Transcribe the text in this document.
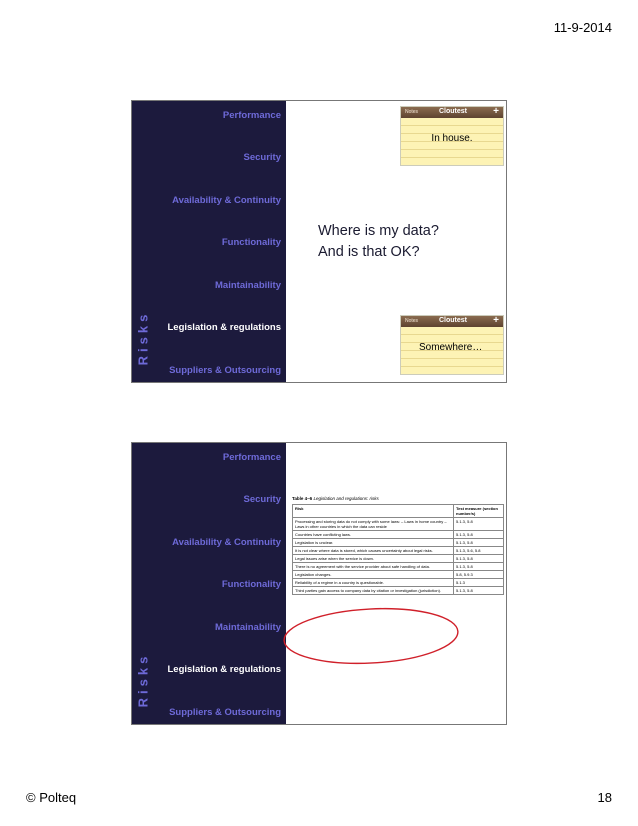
11-9-2014
Performance
Security
Availability & Continuity
Functionality
Maintainability
Legislation & regulations
Suppliers & Outsourcing
Risks
Notes	Cloutest	+
In house.
Where is my data?
And is that OK?
Notes	Cloutest	+
Somewhere…
Performance
Security
Availability & Continuity
Functionality
Maintainability
Legislation & regulations
Suppliers & Outsourcing
Risks
Table 4–6 Legislation and regulations: risks
Risk	Test measure (section number/s)
Processing and storing data do not comply with some laws: – Laws in home country – Laws in other countries in which the data can reside	5.1.3, 5.8
Countries have conflicting laws.	5.1.3, 5.8
Legislation is unclear.	5.1.3, 5.8
It is not clear where data is stored, which causes uncertainty about legal risks.	5.1.3, 5.6, 5.8
Legal issues arise when the service is down.	5.1.3, 5.8
There is no agreement with the service provider about safe handling of data.	5.1.3, 5.8
Legislation changes.	5.8, 5.9.3
Reliability of a regime in a country is questionable.	5.1.3
Third parties gain access to company data by citation or investigation (jurisdiction).	5.1.3, 5.8
© Polteq	18
